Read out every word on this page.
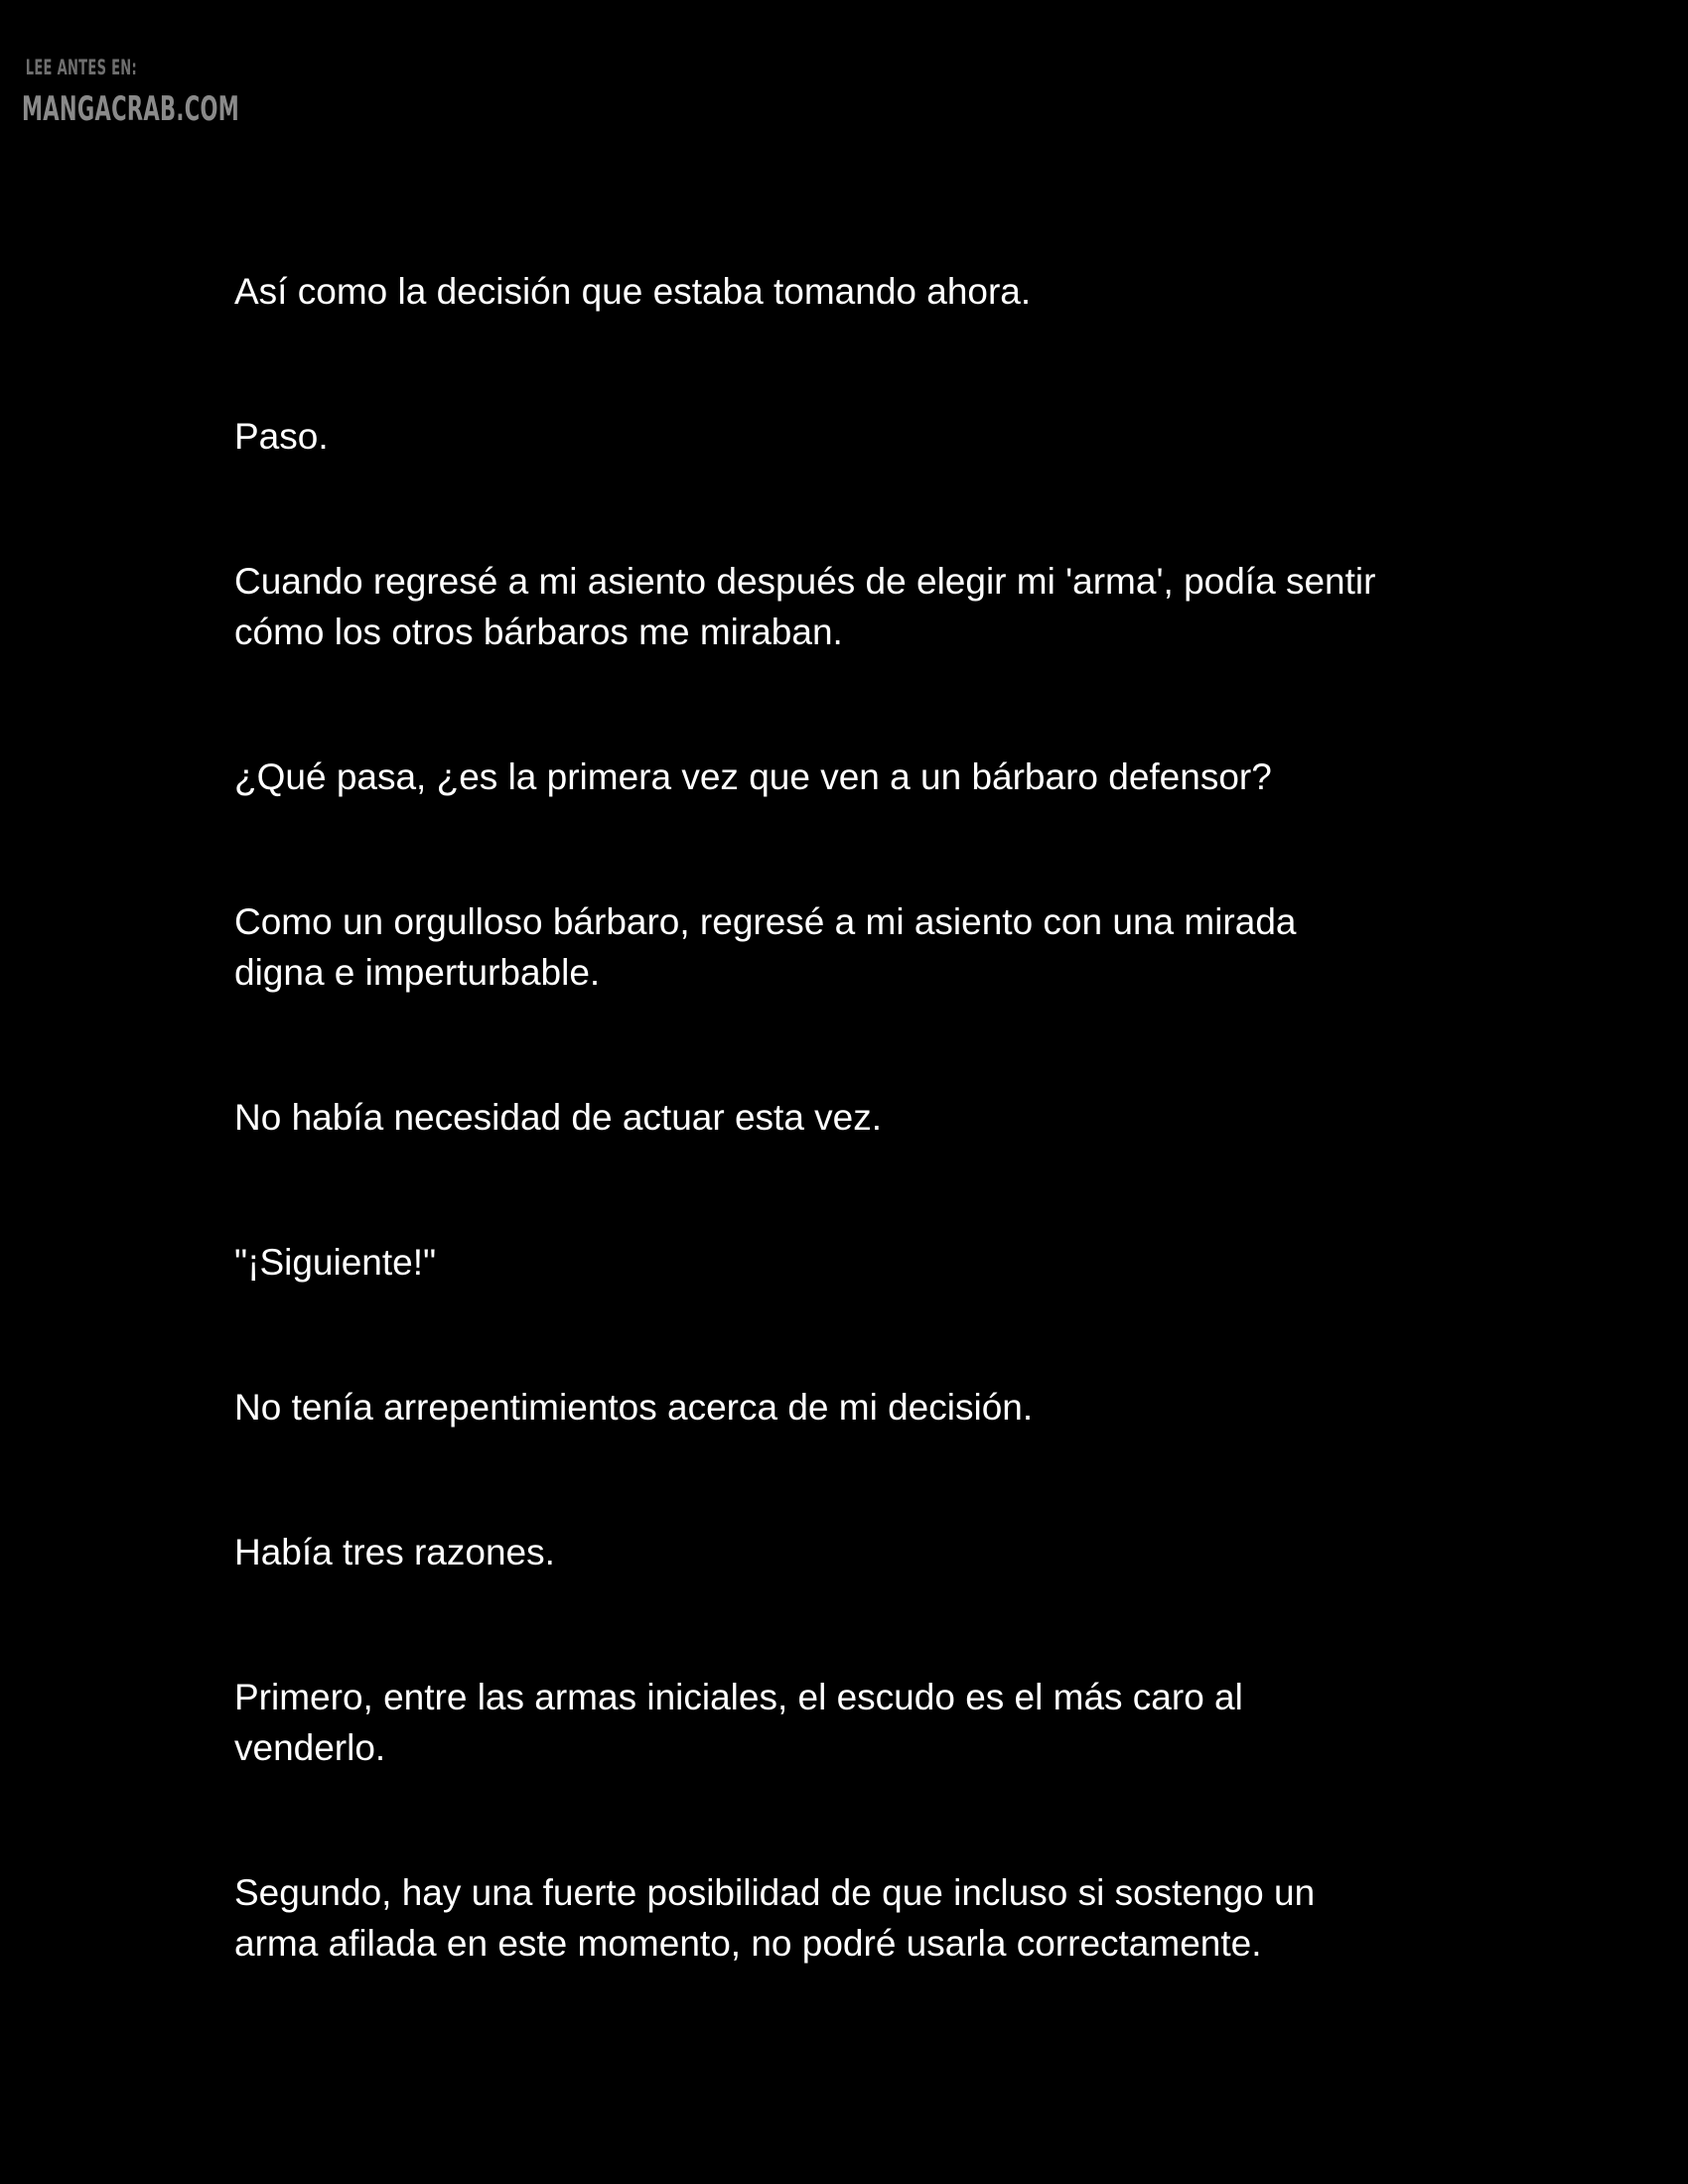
LEE ANTES EN:
MANGACRAB.COM

Así como la decisión que estaba tomando ahora.

Paso.

Cuando regresé a mi asiento después de elegir mi 'arma', podía sentir
cómo los otros bárbaros me miraban.

¿Qué pasa, ¿es la primera vez que ven a un bárbaro defensor?

Como un orgulloso bárbaro, regresé a mi asiento con una mirada
digna e imperturbable.

No había necesidad de actuar esta vez.

"¡Siguiente!"

No tenía arrepentimientos acerca de mi decisión.

Había tres razones.

Primero, entre las armas iniciales, el escudo es el más caro al
venderlo.

Segundo, hay una fuerte posibilidad de que incluso si sostengo un
arma afilada en este momento, no podré usarla correctamente.
